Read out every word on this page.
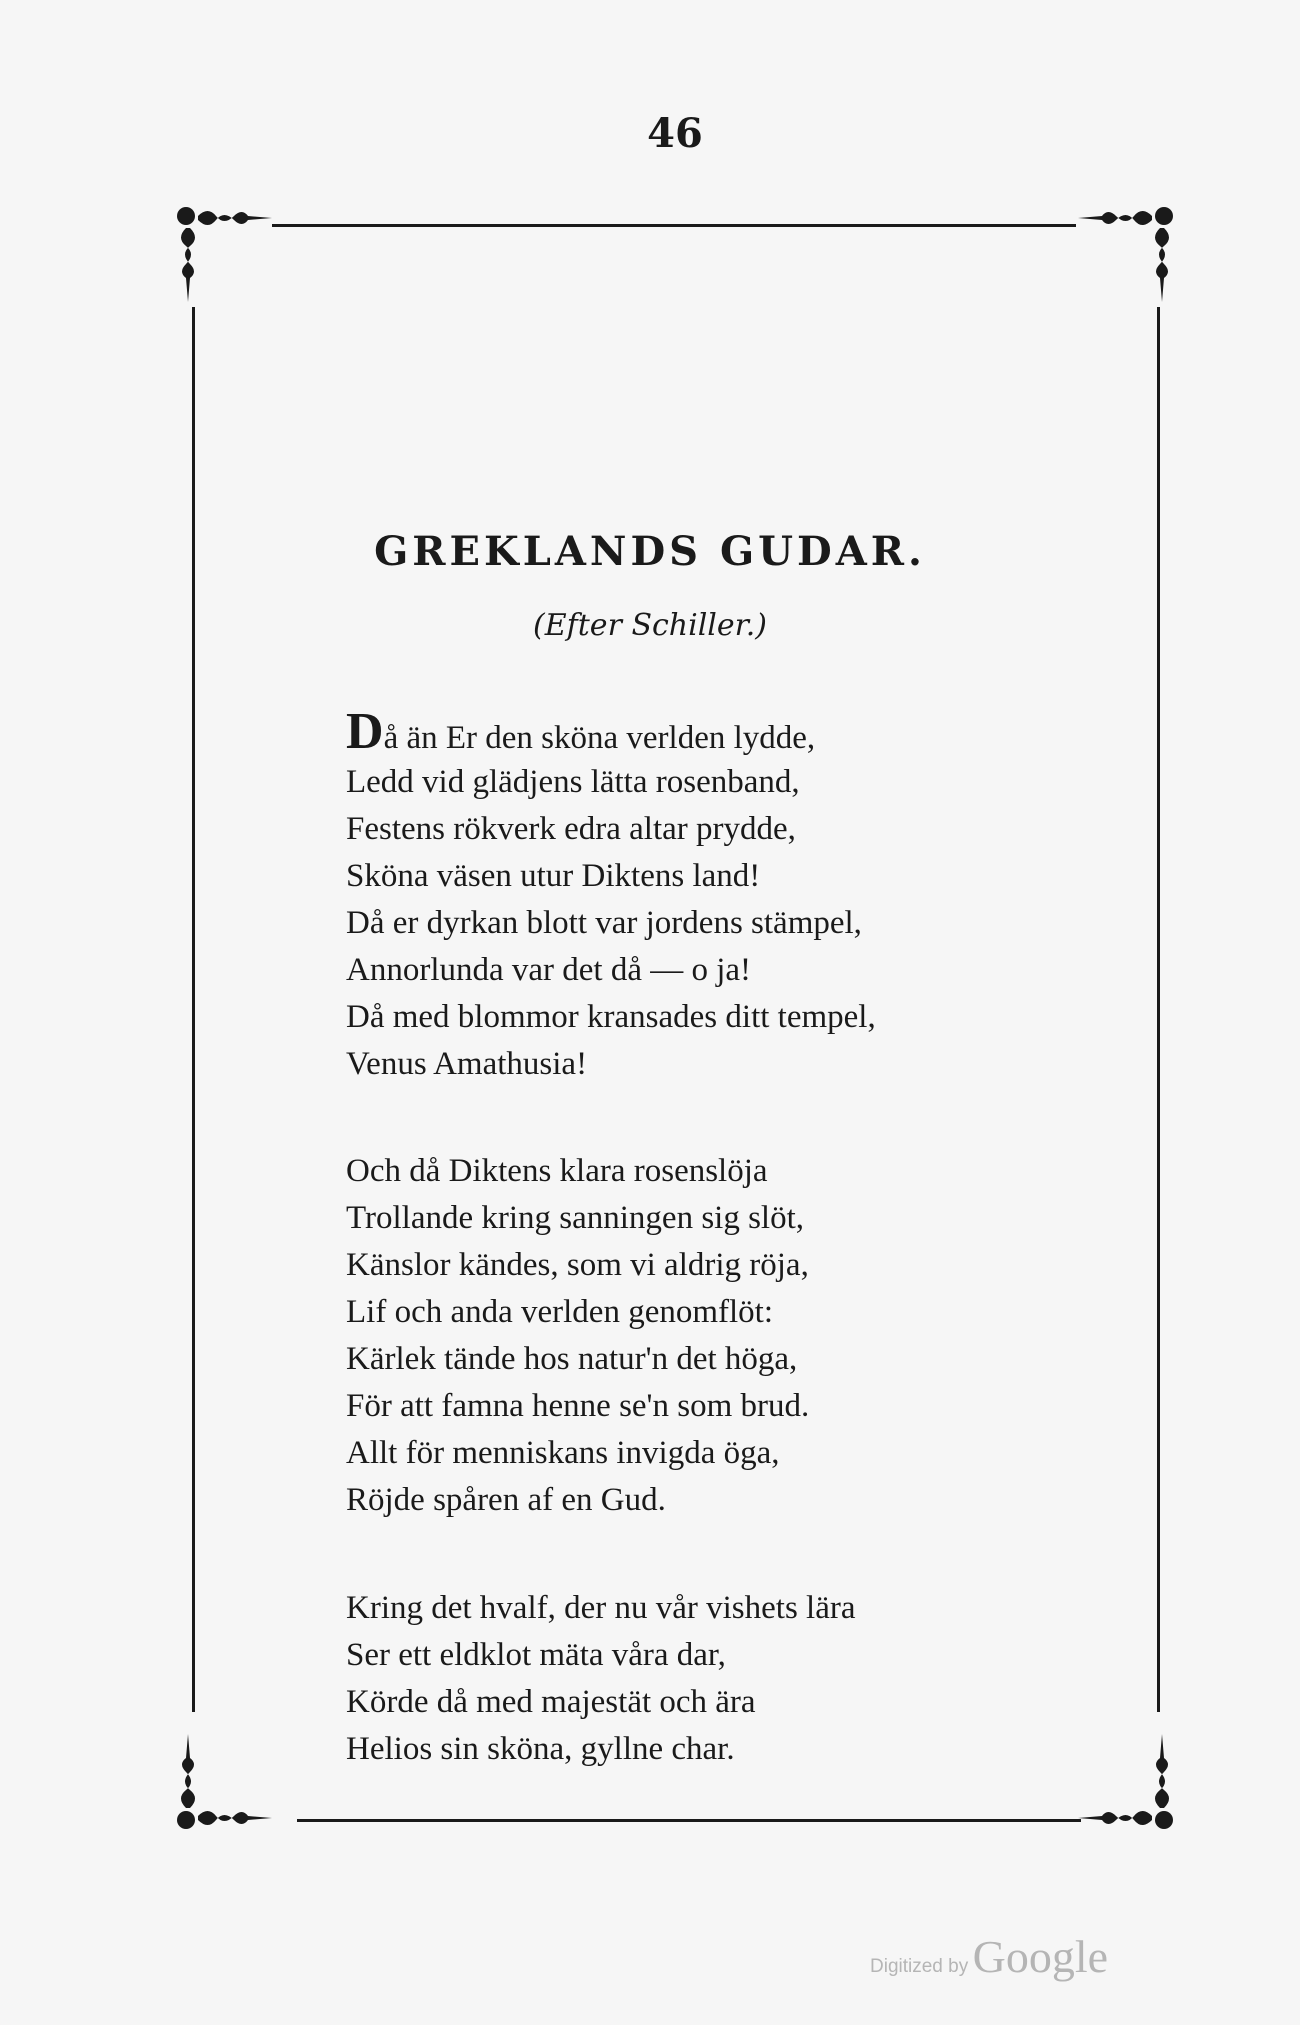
46
GREKLANDS GUDAR.
(Efter Schiller.)
Då än Er den sköna verlden lydde,
Ledd vid glädjens lätta rosenband,
Festens rökverk edra altar prydde,
Sköna väsen utur Diktens land!
Då er dyrkan blott var jordens stämpel,
Annorlunda var det då — o ja!
Då med blommor kransades ditt tempel,
Venus Amathusia!
Och då Diktens klara rosenslöja
Trollande kring sanningen sig slöt,
Känslor kändes, som vi aldrig röja,
Lif och anda verlden genomflöt:
Kärlek tände hos natur'n det höga,
För att famna henne se'n som brud.
Allt för menniskans invigda öga,
Röjde spåren af en Gud.
Kring det hvalf, der nu vår vishets lära
Ser ett eldklot mäta våra dar,
Körde då med majestät och ära
Helios sin sköna, gyllne char.
Digitized by Google
